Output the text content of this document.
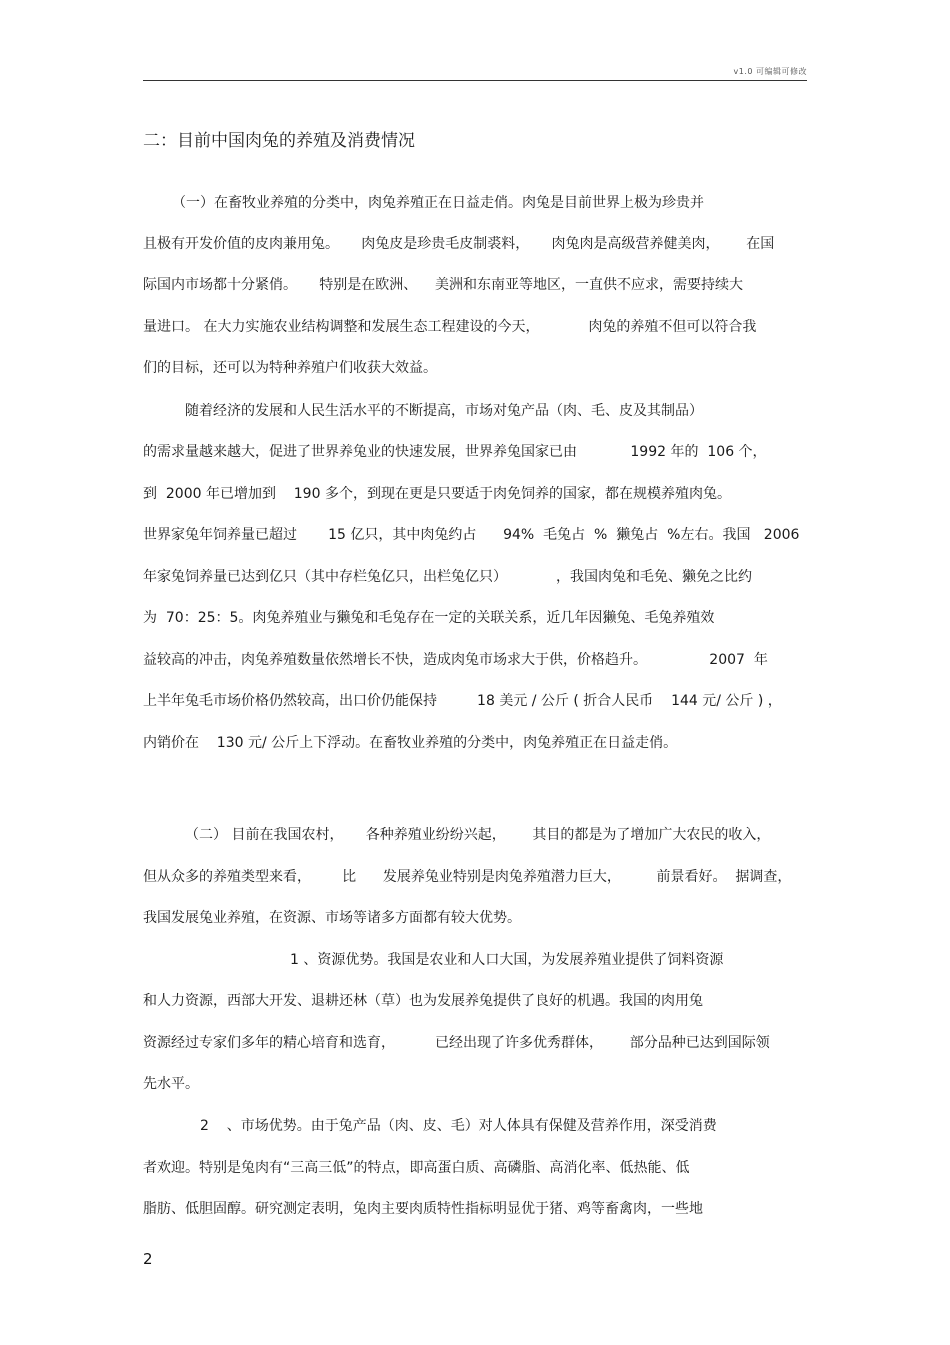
v1.0 可编辑可修改
二：目前中国肉兔的养殖及消费情况
（一）在畜牧业养殖的分类中，肉兔养殖正在日益走俏。肉兔是目前世界上极为珍贵并
且极有开发价值的皮肉兼用兔。     肉兔皮是珍贵毛皮制裘料，     肉兔肉是高级营养健美肉，      在国
际国内市场都十分紧俏。     特别是在欧洲、    美洲和东南亚等地区，一直供不应求，需要持续大
量进口。 在大力实施农业结构调整和发展生态工程建设的今天，           肉兔的养殖不但可以符合我
们的目标，还可以为特种养殖户们收获大效益。
随着经济的发展和人民生活水平的不断提高，市场对兔产品（肉、毛、皮及其制品）
的需求量越来越大，促进了世界养兔业的快速发展，世界养兔国家已由            1992 年的  106 个，
到  2000 年已增加到    190 多个，到现在更是只要适于肉免饲养的国家，都在规模养殖肉兔。
世界家兔年饲养量已超过       15 亿只，其中肉兔约占      94%  毛兔占  %  獭兔占  %左右。我国   2006
年家兔饲养量已达到亿只（其中存栏兔亿只，出栏兔亿只）           ，我国肉兔和毛免、獭免之比约
为  70：25：5。肉兔养殖业与獭兔和毛兔存在一定的关联关系，近几年因獭兔、毛兔养殖效
益较高的冲击，肉兔养殖数量依然增长不快，造成肉兔市场求大于供，价格趋升。              2007  年
上半年兔毛市场价格仍然较高，出口价仍能保持         18 美元 / 公斤 ( 折合人民币    144 元/ 公斤 ) ，
内销价在    130 元/ 公斤上下浮动。在畜牧业养殖的分类中，肉兔养殖正在日益走俏。
（二） 目前在我国农村，     各种养殖业纷纷兴起，      其目的都是为了增加广大农民的收入，
但从众多的养殖类型来看，       比      发展养兔业特别是肉兔养殖潜力巨大，        前景看好。  据调查，
我国发展兔业养殖，在资源、市场等诸多方面都有较大优势。
1 、资源优势。我国是农业和人口大国，为发展养殖业提供了饲料资源
和人力资源，西部大开发、退耕还林（草）也为发展养兔提供了良好的机遇。我国的肉用兔
资源经过专家们多年的精心培育和选育，         已经出现了许多优秀群体，      部分品种已达到国际领
先水平。
2    、市场优势。由于兔产品（肉、皮、毛）对人体具有保健及营养作用，深受消费
者欢迎。特别是兔肉有“三高三低”的特点，即高蛋白质、高磷脂、高消化率、低热能、低
脂肪、低胆固醇。研究测定表明，兔肉主要肉质特性指标明显优于猪、鸡等畜禽肉，一些地
2
